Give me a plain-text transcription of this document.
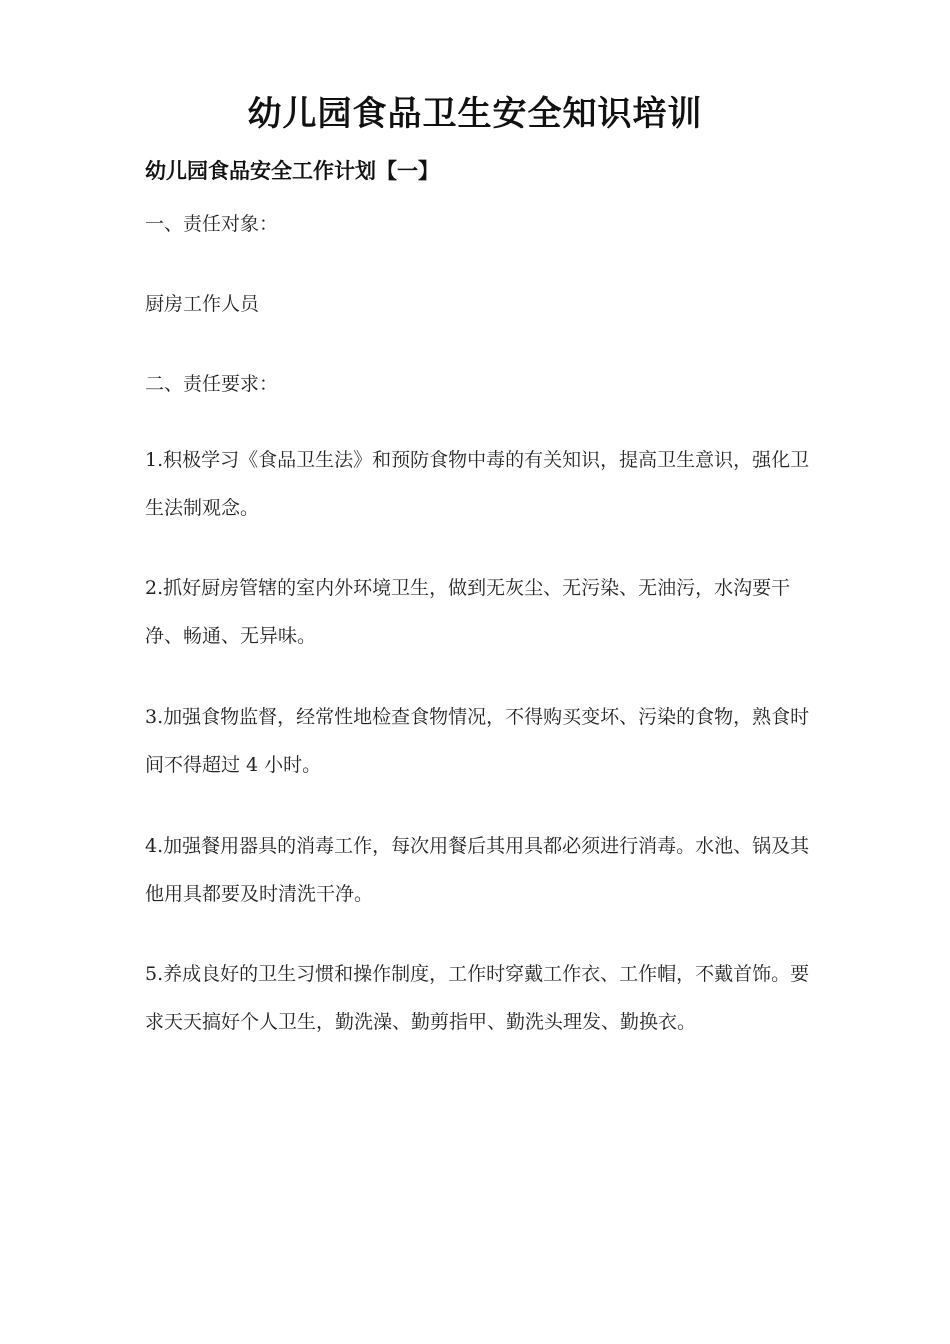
幼儿园食品卫生安全知识培训
幼儿园食品安全工作计划【一】
一、责任对象：
厨房工作人员
二、责任要求：
1.积极学习《食品卫生法》和预防食物中毒的有关知识，提高卫生意识，强化卫生法制观念。
2.抓好厨房管辖的室内外环境卫生，做到无灰尘、无污染、无油污，水沟要干净、畅通、无异味。
3.加强食物监督，经常性地检查食物情况，不得购买变坏、污染的食物，熟食时间不得超过 4 小时。
4.加强餐用器具的消毒工作，每次用餐后其用具都必须进行消毒。水池、锅及其他用具都要及时清洗干净。
5.养成良好的卫生习惯和操作制度，工作时穿戴工作衣、工作帽，不戴首饰。要求天天搞好个人卫生，勤洗澡、勤剪指甲、勤洗头理发、勤换衣。
